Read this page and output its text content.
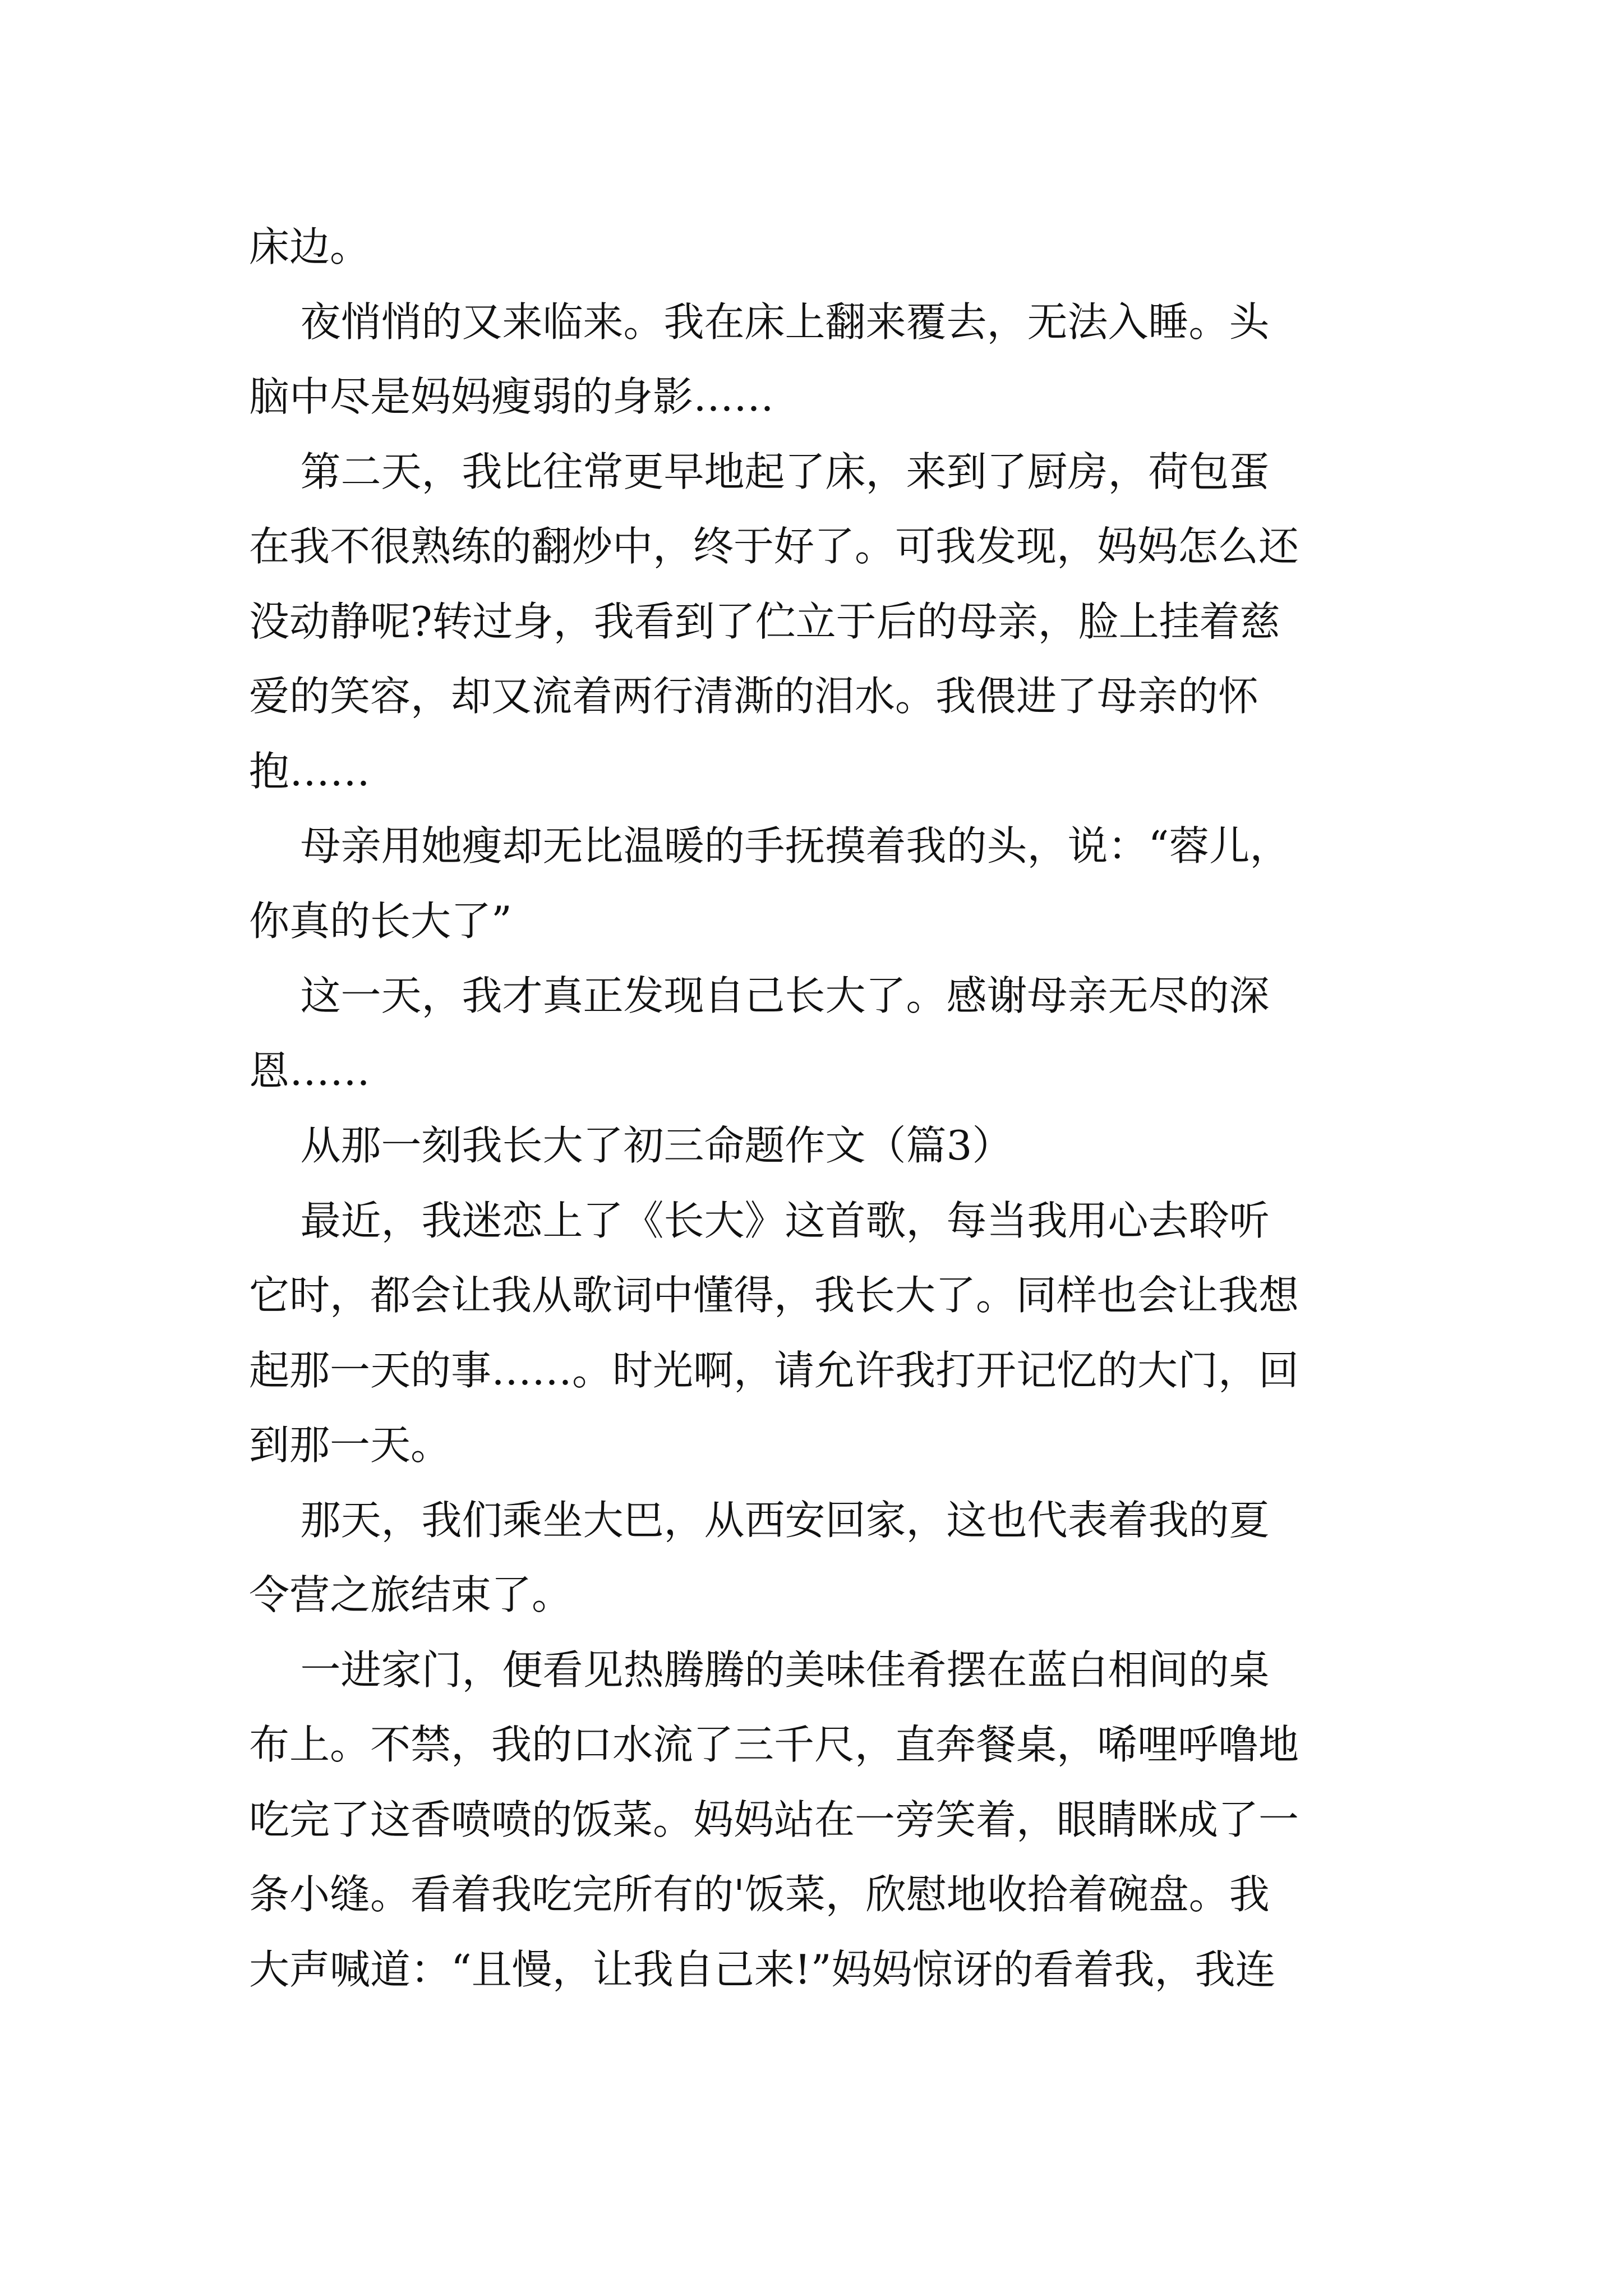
床边。

夜悄悄的又来临来。我在床上翻来覆去，无法入睡。头

脑中尽是妈妈瘦弱的身影……

第二天，我比往常更早地起了床，来到了厨房，荷包蛋

在我不很熟练的翻炒中，终于好了。可我发现，妈妈怎么还

没动静呢?转过身，我看到了伫立于后的母亲，脸上挂着慈

爱的笑容，却又流着两行清澌的泪水。我偎进了母亲的怀

抱……

母亲用她瘦却无比温暖的手抚摸着我的头，说：“蓉儿，

你真的长大了”

这一天，我才真正发现自己长大了。感谢母亲无尽的深

恩……

从那一刻我长大了初三命题作文（篇3）

最近，我迷恋上了《长大》这首歌，每当我用心去聆听

它时，都会让我从歌词中懂得，我长大了。同样也会让我想

起那一天的事……。时光啊，请允许我打开记忆的大门，回

到那一天。

那天，我们乘坐大巴，从西安回家，这也代表着我的夏

令营之旅结束了。

一进家门，便看见热腾腾的美味佳肴摆在蓝白相间的桌

布上。不禁，我的口水流了三千尺，直奔餐桌，唏哩呼噜地

吃完了这香喷喷的饭菜。妈妈站在一旁笑着，眼睛眯成了一

条小缝。看着我吃完所有的'饭菜，欣慰地收拾着碗盘。我

大声喊道：“且慢，让我自己来!”妈妈惊讶的看着我，我连
